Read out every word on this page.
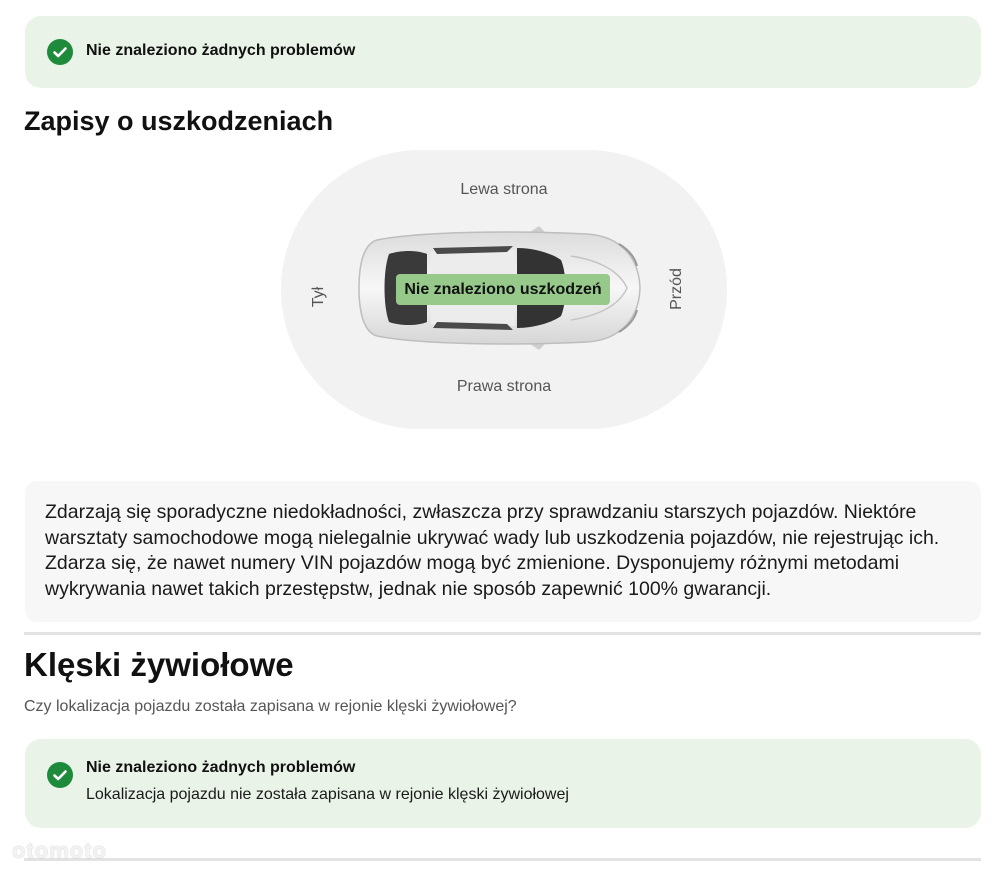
Nie znaleziono żadnych problemów
Zapisy o uszkodzeniach
Lewa strona
Tył	Przód
Prawa strona
Nie znaleziono uszkodzeń
Zdarzają się sporadyczne niedokładności, zwłaszcza przy sprawdzaniu starszych pojazdów. Niektóre warsztaty samochodowe mogą nielegalnie ukrywać wady lub uszkodzenia pojazdów, nie rejestrując ich. Zdarza się, że nawet numery VIN pojazdów mogą być zmienione. Dysponujemy różnymi metodami wykrywania nawet takich przestępstw, jednak nie sposób zapewnić 100% gwarancji.
Klęski żywiołowe
Czy lokalizacja pojazdu została zapisana w rejonie klęski żywiołowej?
Nie znaleziono żadnych problemów
Lokalizacja pojazdu nie została zapisana w rejonie klęski żywiołowej
otomoto
